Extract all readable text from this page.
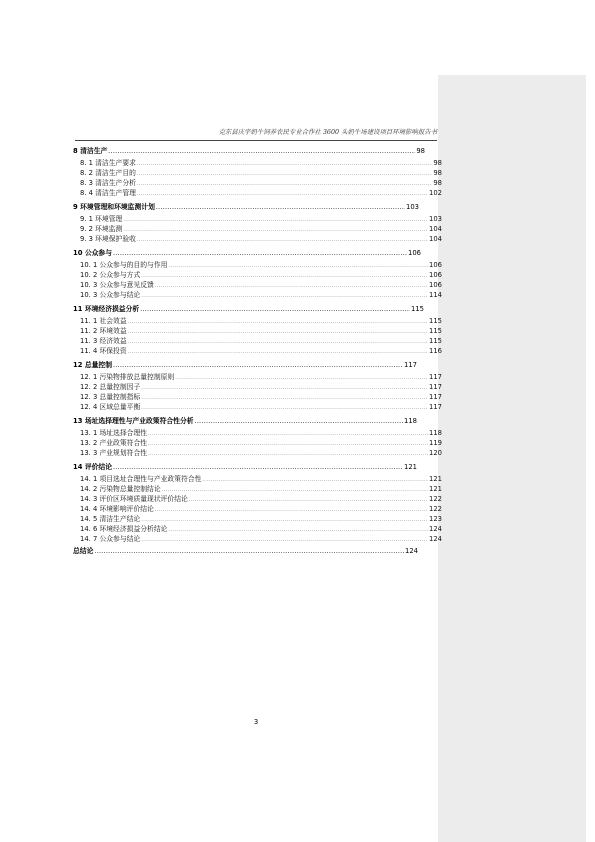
克东县庆宇奶牛饲养农民专业合作社 3600 头奶牛场建设项目环境影响报告书
8 清洁生产 .....	98
8. 1 清洁生产要求 .....	98
8. 2 清洁生产目的 .....	98
8. 3 清洁生产分析 .....	98
8. 4 清洁生产管理 .....	102
9 环境管理和环境监测计划 .....	103
9. 1 环境管理 .....	103
9. 2 环境监测 .....	104
9. 3 环境保护验收 .....	104
10 公众参与 .....	106
10. 1 公众参与的目的与作用 .....	106
10. 2 公众参与方式 .....	106
10. 3 公众参与意见反馈 .....	106
10. 3 公众参与结论 .....	114
11 环境经济损益分析 .....	115
11. 1 社会效益 .....	115
11. 2 环境效益 .....	115
11. 3 经济效益 .....	115
11. 4 环保投资 .....	116
12 总量控制 .....	117
12. 1 污染物排放总量控制原则 .....	117
12. 2 总量控制因子 .....	117
12. 3 总量控制指标 .....	117
12. 4 区域总量平衡 .....	117
13 场址选择理性与产业政策符合性分析 .....	118
13. 1 场址选择合理性 .....	118
13. 2 产业政策符合性 .....	119
13. 3 产业规划符合性 .....	120
14 评价结论 .....	121
14. 1 项目选址合理性与产业政策符合性 .....	121
14. 2 污染物总量控制结论 .....	121
14. 3 评价区环境质量现状评价结论 .....	122
14. 4 环境影响评价结论 .....	122
14. 5 清洁生产结论 .....	123
14. 6 环境经济损益分析结论 .....	124
14. 7 公众参与结论 .....	124
总结论 .....	124
3
